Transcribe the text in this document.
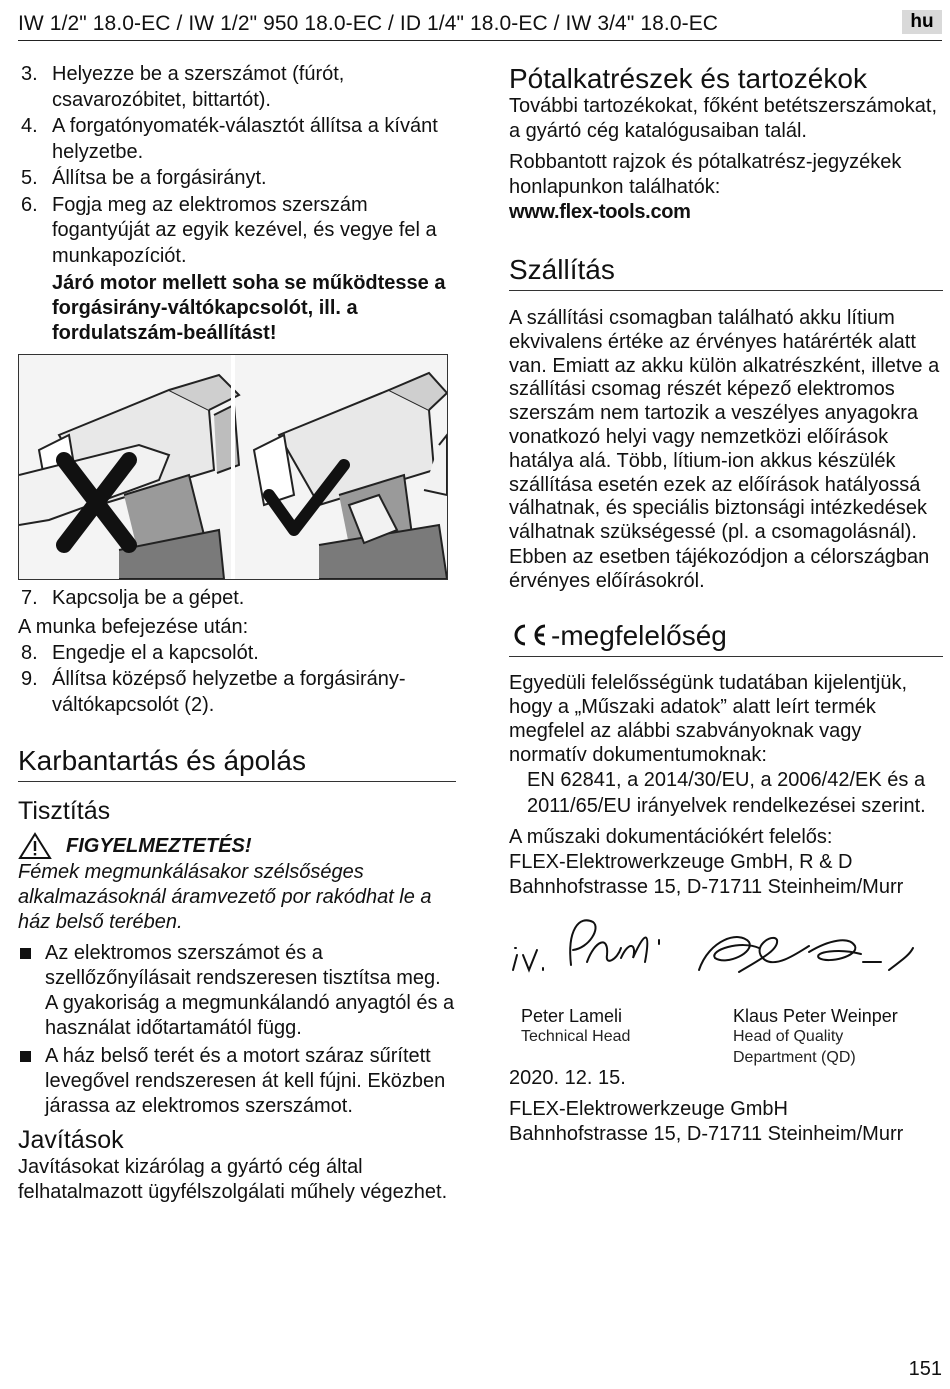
IW 1/2" 18.0-EC / IW 1/2" 950 18.0-EC / ID 1/4" 18.0-EC / IW 3/4" 18.0-EC	hu
3. Helyezze be a szerszámot (fúrót, csavarozóbitet, bittartót).
4. A forgatónyomaték-választót állítsa a kívánt helyzetbe.
5. Állítsa be a forgásirányt.
6. Fogja meg az elektromos szerszám fogantyúját az egyik kezével, és vegye fel a munkapozíciót.
Járó motor mellett soha se működtesse a forgásirány-váltókapcsolót, ill. a fordulatszám-beállítást!
7. Kapcsolja be a gépet.
A munka befejezése után:
8. Engedje el a kapcsolót.
9. Állítsa középső helyzetbe a forgásirány-váltókapcsolót (2).
Karbantartás és ápolás
Tisztítás
FIGYELMEZTETÉS!
Fémek megmunkálásakor szélsőséges alkalmazásoknál áramvezető por rakódhat le a ház belső terében.
Az elektromos szerszámot és a szellőzőnyílásait rendszeresen tisztítsa meg. A gyakoriság a megmunkálandó anyagtól és a használat időtartamától függ.
A ház belső terét és a motort száraz sűrített levegővel rendszeresen át kell fújni. Eközben járassa az elektromos szerszámot.
Javítások
Javításokat kizárólag a gyártó cég által felhatalmazott ügyfélszolgálati műhely végezhet.
Pótalkatrészek és tartozékok
További tartozékokat, főként betétszerszámokat, a gyártó cég katalógusaiban talál.
Robbantott rajzok és pótalkatrész-jegyzékek honlapunkon találhatók:
www.flex-tools.com
Szállítás
A szállítási csomagban található akku lítium ekvivalens értéke az érvényes határérték alatt van. Emiatt az akku külön alkatrészként, illetve a szállítási csomag részét képező elektromos szerszám nem tartozik a veszélyes anyagokra vonatkozó helyi vagy nemzetközi előírások hatálya alá. Több, lítium-ion akkus készülék szállítása esetén ezek az előírások hatályossá válhatnak, és speciális biztonsági intézkedések válhatnak szükségessé (pl. a csomagolásnál).
Ebben az esetben tájékozódjon a célországban érvényes előírásokról.
-megfelelőség
Egyedüli felelősségünk tudatában kijelentjük, hogy a „Műszaki adatok” alatt leírt termék megfelel az alábbi szabványoknak vagy normatív dokumentumoknak:
EN 62841, a 2014/30/EU, a 2006/42/EK és a 2011/65/EU irányelvek rendelkezései szerint.
A műszaki dokumentációkért felelős:
FLEX-Elektrowerkzeuge GmbH, R & D
Bahnhofstrasse 15, D-71711 Steinheim/Murr
Peter Lameli
Technical Head
Klaus Peter Weinper
Head of Quality
Department (QD)
2020. 12. 15.
FLEX-Elektrowerkzeuge GmbH
Bahnhofstrasse 15, D-71711 Steinheim/Murr
151
